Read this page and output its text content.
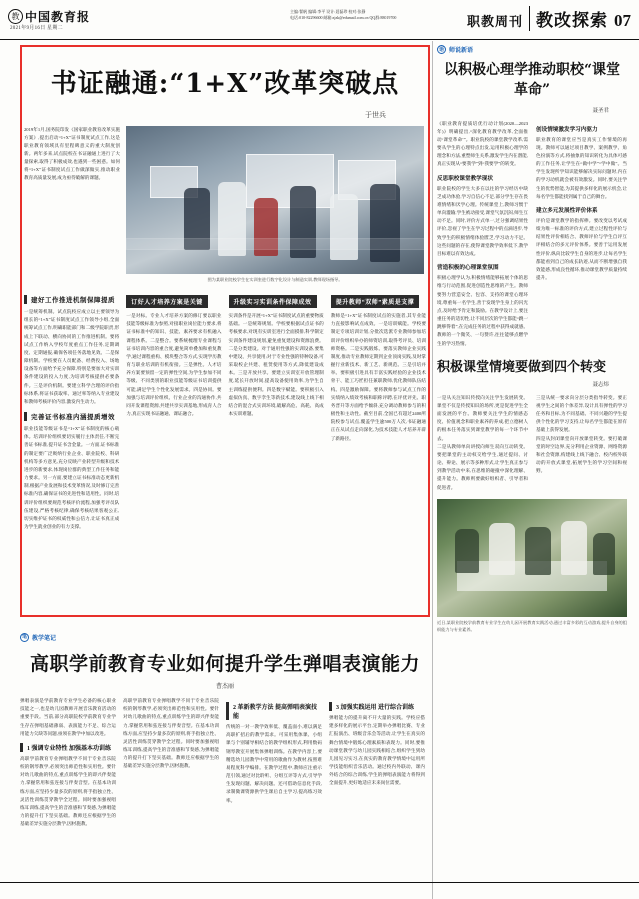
教 中国教育报
2021年9月16日 星期二
主编:翟帆 编辑:李平 设计:聂磊珍 校对:张静
电话:010-82296600 邮箱:zjzk@edumail.com.cn QQ群:88019700	职教周刊 教改探索 07
书证融通:“1+X”改革突破点
于世兵
2019年1月,国务院印发《国家职业教育改革实施方案》,提出启动“1+X”证书制度试点工作,这是职业教育领域具有里程碑意义的重大制度创新。两年多来,试点院校在书证融通上进行了大量探索,取得了积极成效,也遇到一些困惑。如何将“1+X”证书制度试点工作做深做实,推动职业教育高质量发展,成为亟待破解的课题。
图为某职业院校学生在实训室进行数字化设计与制造实训,教师现场指导。
建好工作推进机制保障提质
一是统筹机制。试点院校应成立以主要领导为组长的“1+X”证书制度试点工作领导小组,全面统筹试点工作,明确职能部门和二级学院职责,形成上下联动、横向协同的工作推进机制。要将试点工作纳入学校年度重点工作任务,定期调度、定期通报,确保各项任务落地见效。二是保障机制。学校要在人员配备、经费投入、场地设备等方面给予充分保障,特别是要加大对实训条件建设的投入力度,为培训考核提供必要条件。三是评价机制。要建立科学合理的评价指标体系,将证书获取率、通过率等纳入专业建设和教师考核评价内容,激发内生动力。
完善证书标准内涵提质增效
职业技能等级证书是“1+X”证书制度的核心载体。培训评价组织要切实履行主体责任,不断完善证书标准,提升证书含金量。一方面,证书标准的制定要广泛吸纳行业企业、职业院校、科研机构等多方意见,充分反映产业转型升级和技术进步的新要求,体现岗位群的典型工作任务和能力要求。另一方面,要建立证书标准动态更新机制,根据产业发展和技术变革情况,及时修订完善标准内容,确保证书的先进性和适用性。同时,培训评价组织要规范考核评价流程,加强考评员队伍建设,严格考核纪律,确保考核结果客观公正,切实维护证书的权威性和公信力,让证书真正成为学生就业创业的有力支撑。
订好人才培养方案是关键
一是对标。专业人才培养方案的修订要以职业技能等级标准为参照,对接职业岗位能力要求,将证书标准中的知识、技能、素养要求有机融入课程体系。二是整合。要系统梳理专业课程与证书培训内容的重合度,避免简单叠加和重复教学,通过课程重构、模块整合等方式,实现学历教育与职业培训的有机衔接。三是弹性。人才培养方案要预留一定的弹性空间,为学生参加不同等级、不同类别的职业技能等级证书培训提供可能,满足学生个性化发展需求。四是协同。要加强与培训评价组织、行业企业的沟通协作,共同开发课程资源,共建共享实训基地,形成育人合力,真正实现书证融通、课证融合。
升级实习实训条件保障成效
实训条件是开展“1+X”证书制度试点的重要物质基础。一是统筹规划。学校要根据试点证书的考核要求,对现有实训室进行全面摸排,科学制定实训条件建设规划,避免重复建设和资源浪费。二是分类建设。对于通用性强的实训设备,要集中建设、共享使用;对于专业性强的特种设备,可采取校企共建、租赁使用等方式,降低建设成本。三是开放共享。要建立实训室开放管理制度,延长开放时间,提高设备使用效率,为学生自主训练提供便利。四是数字赋能。要积极引入虚拟仿真、数字孪生等新技术,建设线上线下相结合的混合式实训环境,破解高危、高耗、高成本实训难题。
提升教师“双师”素质是支撑
教师是“1+X”证书制度试点的实施者,其专业能力直接影响试点成效。一是培训赋能。学校要制定专项培训计划,分批次选派专业教师参加培训评价组织举办的师资培训,取得考评员、培训师资格。二是实践锻炼。要落实教师企业实践制度,推动专业教师定期到企业顶岗实践,及时掌握行业新技术、新工艺、新规范。三是引培并举。要积极引进具有丰富实践经验的企业技术骨干、能工巧匠担任兼职教师,优化教师队伍结构。四是激励保障。要将教师参与试点工作的实绩纳入绩效考核和职称评聘,在评优评先、职务晋升等方面给予倾斜,充分调动教师参与的积极性和主动性。截至目前,全国已有超过2400所院校参与试点,覆盖学生逾500万人次,书证融通正在从试点走向深化,为技术技能人才培养开辟了新路径。
笔 教学笔记
高职学前教育专业如何提升学生弹唱表演能力
曹杰丽
弹唱表演是学前教育专业学生必备的核心职业技能之一,也是幼儿园教师开展音乐教育活动的重要手段。当前,部分高职院校学前教育专业学生存在弹唱基础薄弱、表演能力不足、综合运用能力欠缺等问题,亟须在教学中加以改进。
1 强调专业特性 加强基本功训练
高职学前教育专业弹唱教学不同于专业音乐院校的钢琴教学,必须突出师范性和实用性。要针对幼儿歌曲的特点,重点训练学生的即兴伴奏能力,掌握常用和弦连接与伴奏音型。在基本功训练方面,应坚持少量多次的原则,将手指独立性、灵活性训练贯穿教学全过程。同时要加强视唱练耳训练,提高学生的音准感和节奏感,为弹唱能力的提升打下坚实基础。教师还应根据学生的基础差异实施分层教学,因材施教。
高职学前教育专业弹唱教学不同于专业音乐院校的钢琴教学,必须突出师范性和实用性。要针对幼儿歌曲的特点,重点训练学生的即兴伴奏能力,掌握常用和弦连接与伴奏音型。在基本功训练方面,应坚持少量多次的原则,将手指独立性、灵活性训练贯穿教学全过程。同时要加强视唱练耳训练,提高学生的音准感和节奏感,为弹唱能力的提升打下坚实基础。教师还应根据学生的基础差异实施分层教学,因材施教。
2 革新教学方法 提高弹唱表演技能
传统的一对一教学效率低、覆盖面小,难以满足高职扩招后的教学需求。可采用集体课、小组课与个别辅导相结合的教学组织形式,利用数码钢琴教室开展集体弹唱训练。在教学内容上,要精选幼儿园教学中常用的歌曲作为教材,按照难易程度科学编排。在教学过程中,教师应注重示范引领,通过对比聆听、分组互评等方式,引导学生发现问题、解决问题。还可借助信息化手段,录制微课资源供学生课后自主学习,提高练习效率。
3 加强实践运用 进行综合训练
弹唱能力的提升离不开大量的实践。学校应搭建多样化的展示平台,定期举办弹唱比赛、专业汇报演出、班级音乐会等活动,让学生在真实的舞台情境中锻炼心理素质和表现力。同时,要推动课堂教学与幼儿园实践相结合,组织学生到幼儿园见习实习,在真实的教育教学情境中运用所学技能组织音乐活动。通过校内外联动、课内外结合的综合训练,学生的弹唱表演能力将得到全面提升,更好地适应未来岗位需要。
语 师说新语
以积极心理学推动职校“课堂革命”
聂圣君
《职业教育提质培优行动计划(2020—2023年)》明确提出,“深化教育教学改革,全面推动‘课堂革命’”。职业院校的课堂教学改革,需要从学生的心理特点出发,运用积极心理学的理念和方法,重塑师生关系,激发学生内在潜能,真正实现从“要我学”到“我要学”的转变。
反思职校课堂教学现状
职业院校的学生大多在以往的学习经历中缺乏成功体验,学习自信心不足,部分学生存在畏难情绪和厌学心理。传统课堂上,教师习惯于单向灌输,学生被动接受,课堂气氛沉闷,师生互动不足。同时,评价方式单一,过分强调结果性评价,忽视了学生在学习过程中的点滴进步,导致学生的积极情绪体验匮乏,学习动力不足。这些问题的存在,使得课堂教学效率低下,教学目标难以有效达成。
营造积极的心理课堂氛围
积极心理学认为,积极情绪能够拓展个体的思维与行动范围,促进创造性思维的产生。教师要努力营造安全、包容、支持的课堂心理环境,尊重每一名学生,善于发现学生身上的闪光点,及时给予肯定和鼓励。在教学设计上,要注重任务的适切性,让不同层次的学生都能“跳一跳够得着”,在完成任务的过程中获得成就感。教师的一个微笑、一句赞许,往往能够点燃学生的学习热情。
创设情境激发学习内驱力
职业教育的课堂应当是真实工作情境的再现。教师可以通过项目教学、案例教学、角色扮演等方式,将抽象的知识转化为具体可感的工作任务,让学生在“做中学”“学中做”。当学生发现所学知识能够解决实际问题时,内在的学习动机就会被有效激发。同时,要关注学生的优势智能,为其提供多样化的展示机会,让每名学生都能找到属于自己的舞台。
建立多元发展性评价体系
评价是课堂教学的指挥棒。要改变以考试成绩为唯一标准的评价方式,建立过程性评价与结果性评价相结合、教师评价与学生自评互评相结合的多元评价体系。要善于运用发展性评价,纵向比较学生自身的进步,让每名学生都能看到自己的成长轨迹,从而不断增强自我效能感,形成良性循环,推动课堂教学质量持续提升。
积极课堂情境要做到四个转变
聂志炜
一是从关注知识传授向关注学生发展转变。课堂不仅是传授知识的场所,更是促进学生全面发展的平台。教师要关注学生的情感态度、价值观念和职业素养的养成,把立德树人的根本任务落实到课堂教学的每一个环节中去。
二是从教师单向讲授向师生双向互动转变。要把课堂的主动权交给学生,通过提问、讨论、辩论、展示等多种形式,让学生真正参与到教学活动中来,在思维的碰撞中深化理解、提升能力。教师则要做好组织者、引导者和促进者。
三是从统一要求向分层分类指导转变。要正视学生之间的个体差异,设计具有弹性的学习任务和目标,为不同基础、不同兴趣的学生提供个性化的学习支持,让每名学生都能在原有基础上获得发展。
四是从封闭课堂向开放课堂转变。要打破课堂的时空边界,充分利用企业资源、网络资源和社会资源,构建线上线下融合、校内校外联动的开放式课堂,拓展学生的学习空间和视野。
近日,某职业院校学前教育专业学生在幼儿园开展教育实践活动,通过丰富多彩的互动游戏,提升自身的组织能力与专业素养。
